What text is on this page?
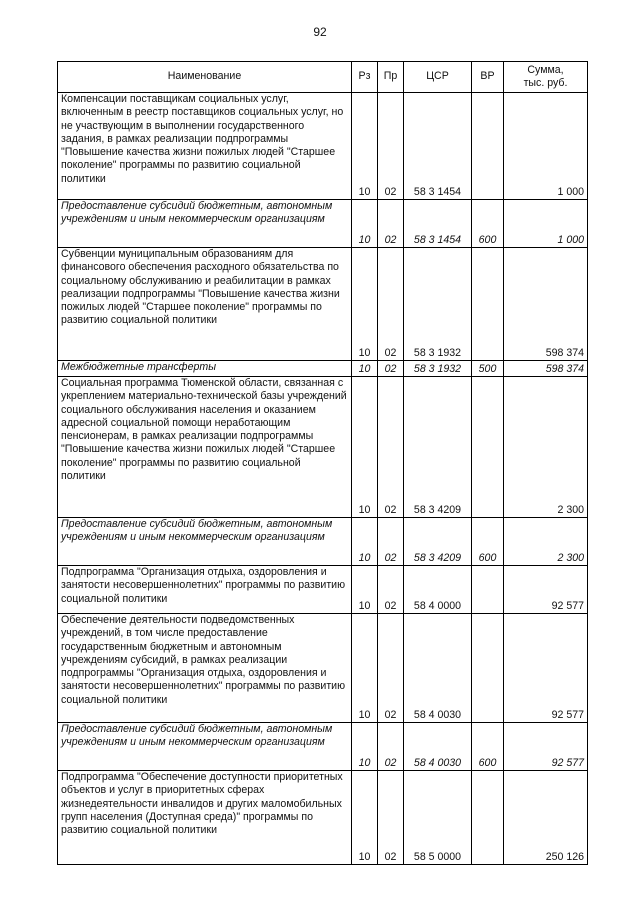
92
Наименование	Рз	Пр	ЦСР	ВР	Сумма,
тыс. руб.
Компенсации поставщикам социальных услуг, включенным в реестр поставщиков социальных услуг, но не участвующим в выполнении государственного задания, в рамках реализации подпрограммы "Повышение качества жизни пожилых людей "Старшее поколение" программы по развитию социальной политики	10	02	58 3 1454		1 000
Предоставление субсидий бюджетным, автономным учреждениям и иным некоммерческим организациям	10	02	58 3 1454	600	1 000
Субвенции муниципальным образованиям для финансового обеспечения расходного обязательства по социальному обслуживанию и реабилитации в рамках реализации подпрограммы "Повышение качества жизни пожилых людей "Старшее поколение" программы по развитию социальной политики	10	02	58 3 1932		598 374
Межбюджетные трансферты	10	02	58 3 1932	500	598 374
Социальная программа Тюменской области, связанная с укреплением материально-технической базы учреждений социального обслуживания населения и оказанием адресной социальной помощи неработающим пенсионерам, в рамках реализации подпрограммы "Повышение качества жизни пожилых людей "Старшее поколение" программы по развитию социальной политики	10	02	58 3 4209		2 300
Предоставление субсидий бюджетным, автономным учреждениям и иным некоммерческим организациям	10	02	58 3 4209	600	2 300
Подпрограмма "Организация отдыха, оздоровления и занятости несовершеннолетних" программы по развитию социальной политики	10	02	58 4 0000		92 577
Обеспечение деятельности подведомственных учреждений, в том числе предоставление государственным бюджетным и автономным учреждениям субсидий, в рамках реализации подпрограммы "Организация отдыха, оздоровления и занятости несовершеннолетних" программы по развитию социальной политики	10	02	58 4 0030		92 577
Предоставление субсидий бюджетным, автономным учреждениям и иным некоммерческим организациям	10	02	58 4 0030	600	92 577
Подпрограмма "Обеспечение доступности приоритетных объектов и услуг в приоритетных сферах жизнедеятельности инвалидов и других маломобильных групп населения (Доступная среда)" программы по развитию социальной политики	10	02	58 5 0000		250 126
